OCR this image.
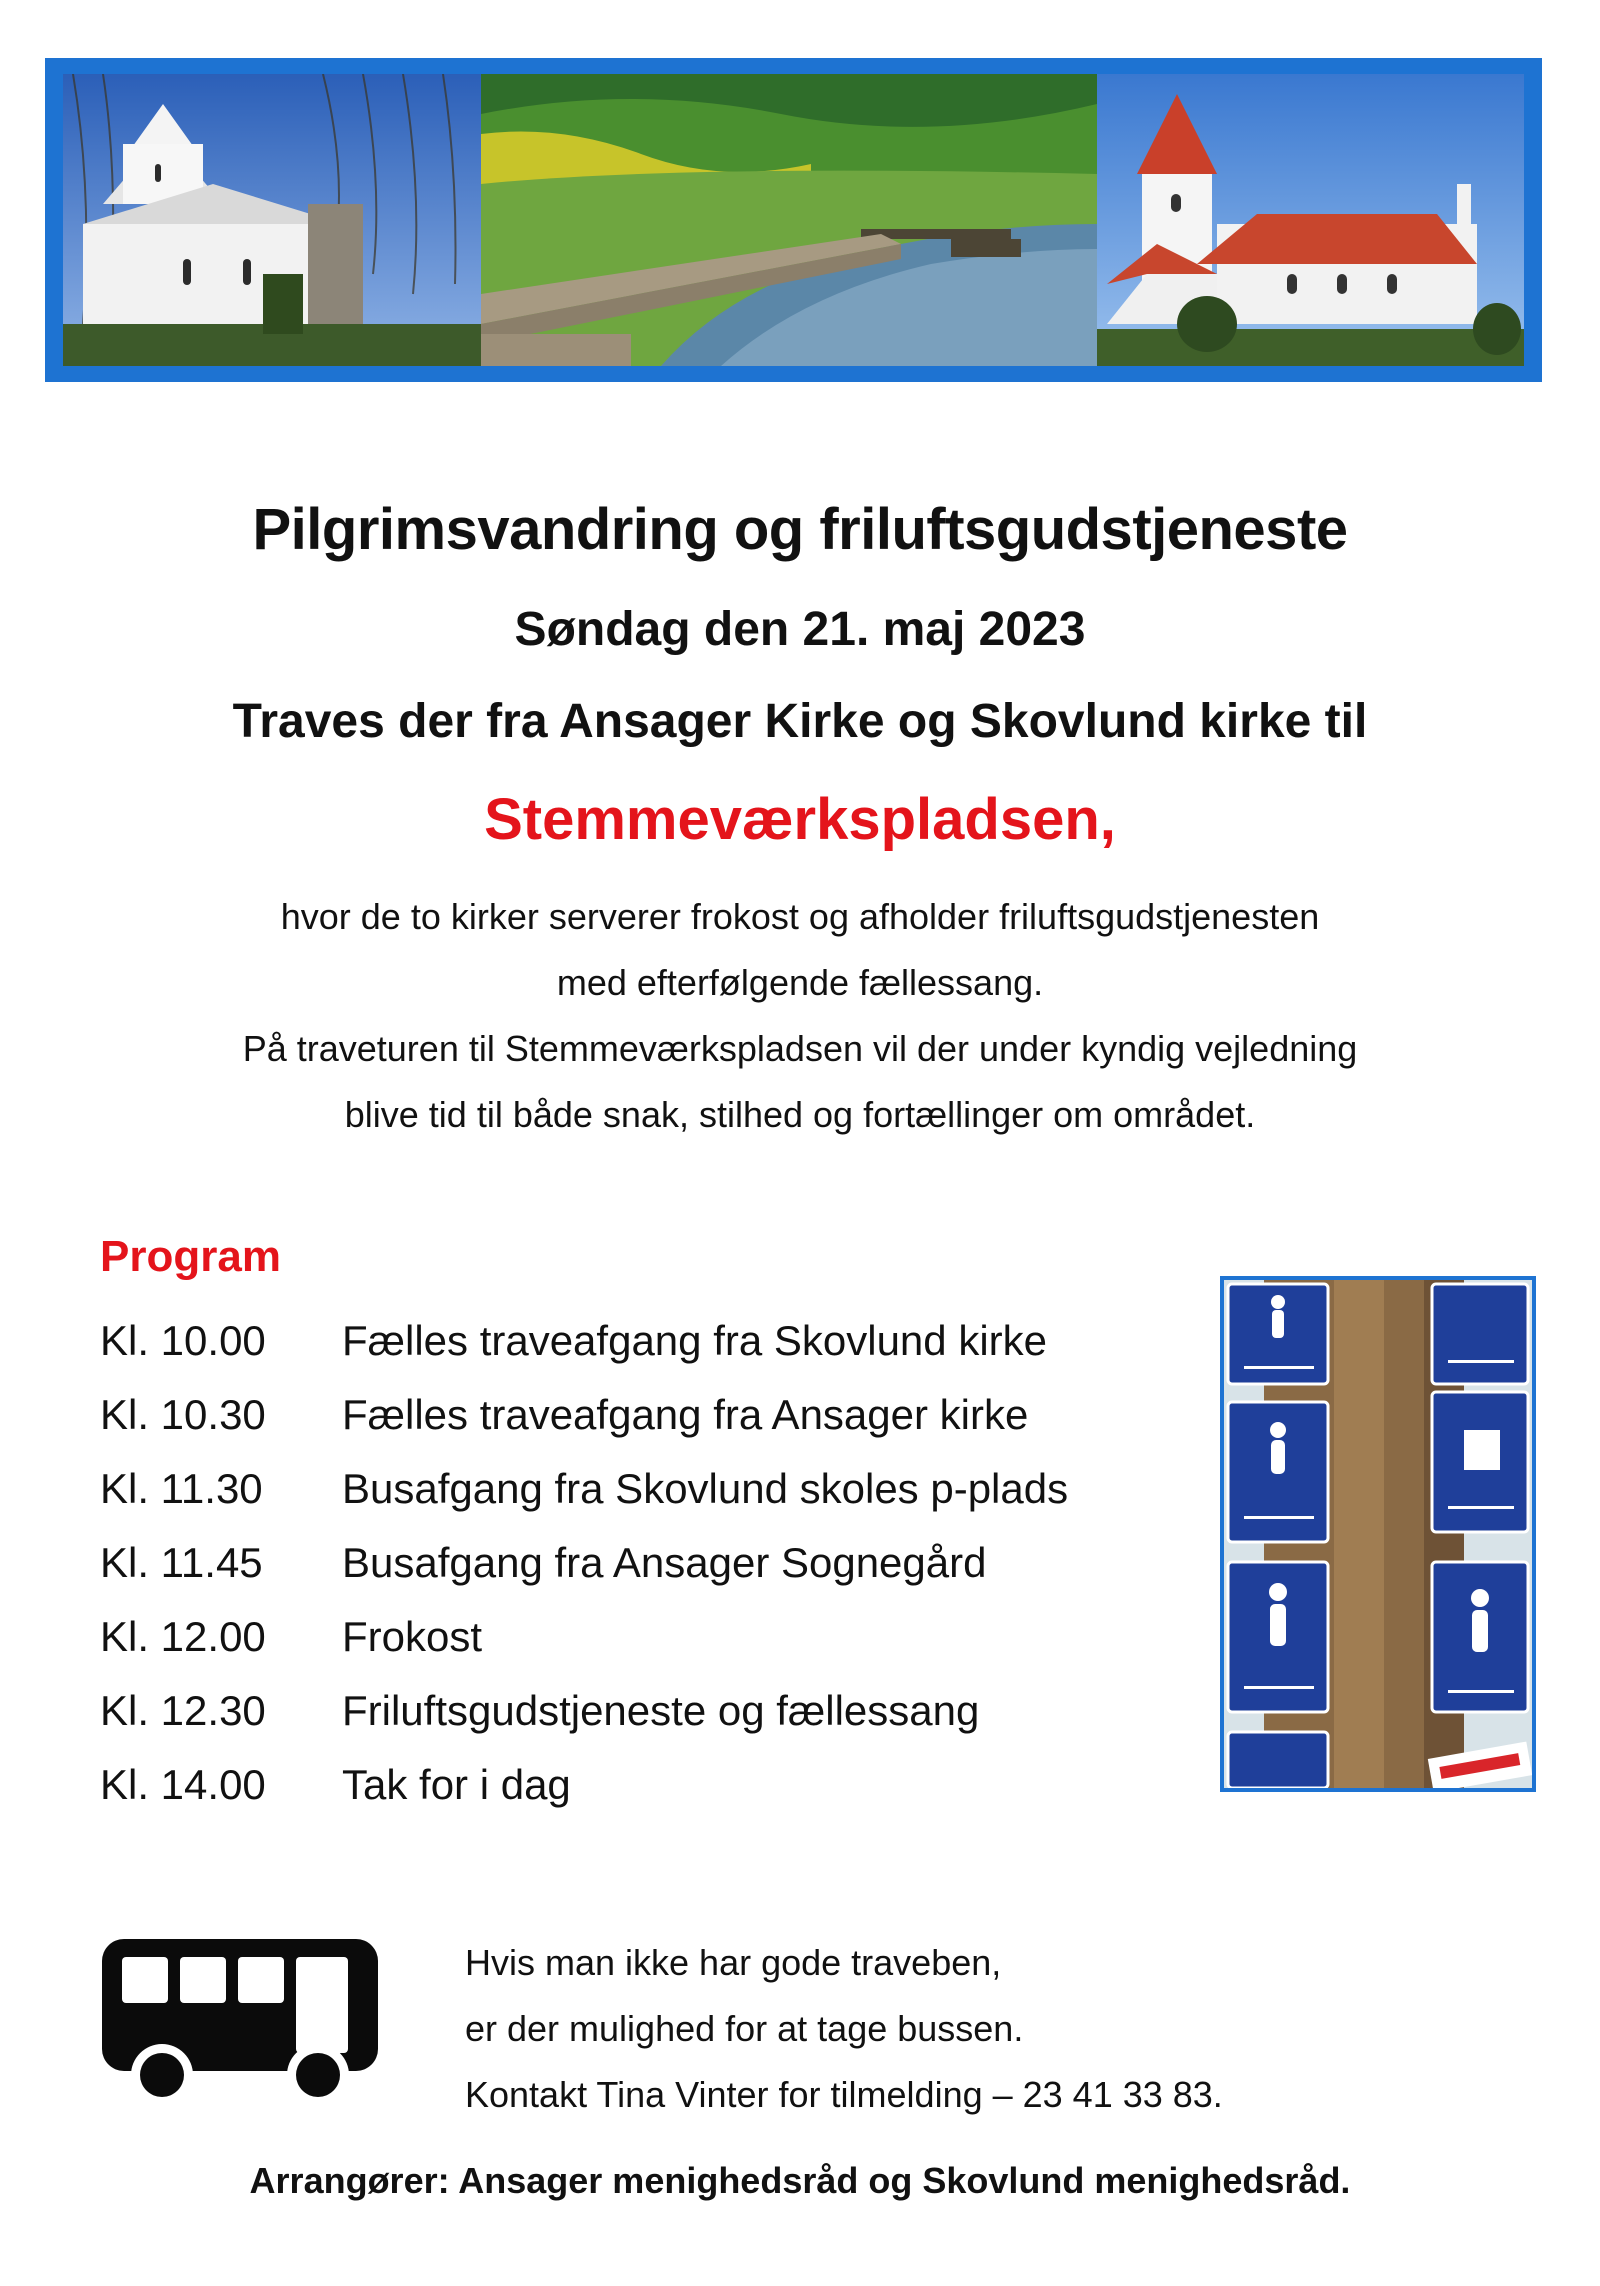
Pilgrimsvandring og friluftsgudstjeneste
Søndag den 21. maj 2023
Traves der fra Ansager Kirke og Skovlund kirke til
Stemmeværkspladsen,
hvor de to kirker serverer frokost og afholder friluftsgudstjenesten
med efterfølgende fællessang.
På traveturen til Stemmeværkspladsen vil der under kyndig vejledning
blive tid til både snak, stilhed og fortællinger om området.
Program
Kl. 10.00	Fælles traveafgang fra Skovlund kirke
Kl. 10.30	Fælles traveafgang fra Ansager kirke
Kl. 11.30	Busafgang fra Skovlund skoles p-plads
Kl. 11.45	Busafgang fra Ansager Sognegård
Kl. 12.00	Frokost
Kl. 12.30	Friluftsgudstjeneste og fællessang
Kl. 14.00	Tak for i dag
Hvis man ikke har gode traveben,
er der mulighed for at tage bussen.
Kontakt Tina Vinter for tilmelding – 23 41 33 83.
Arrangører: Ansager menighedsråd og Skovlund menighedsråd.
